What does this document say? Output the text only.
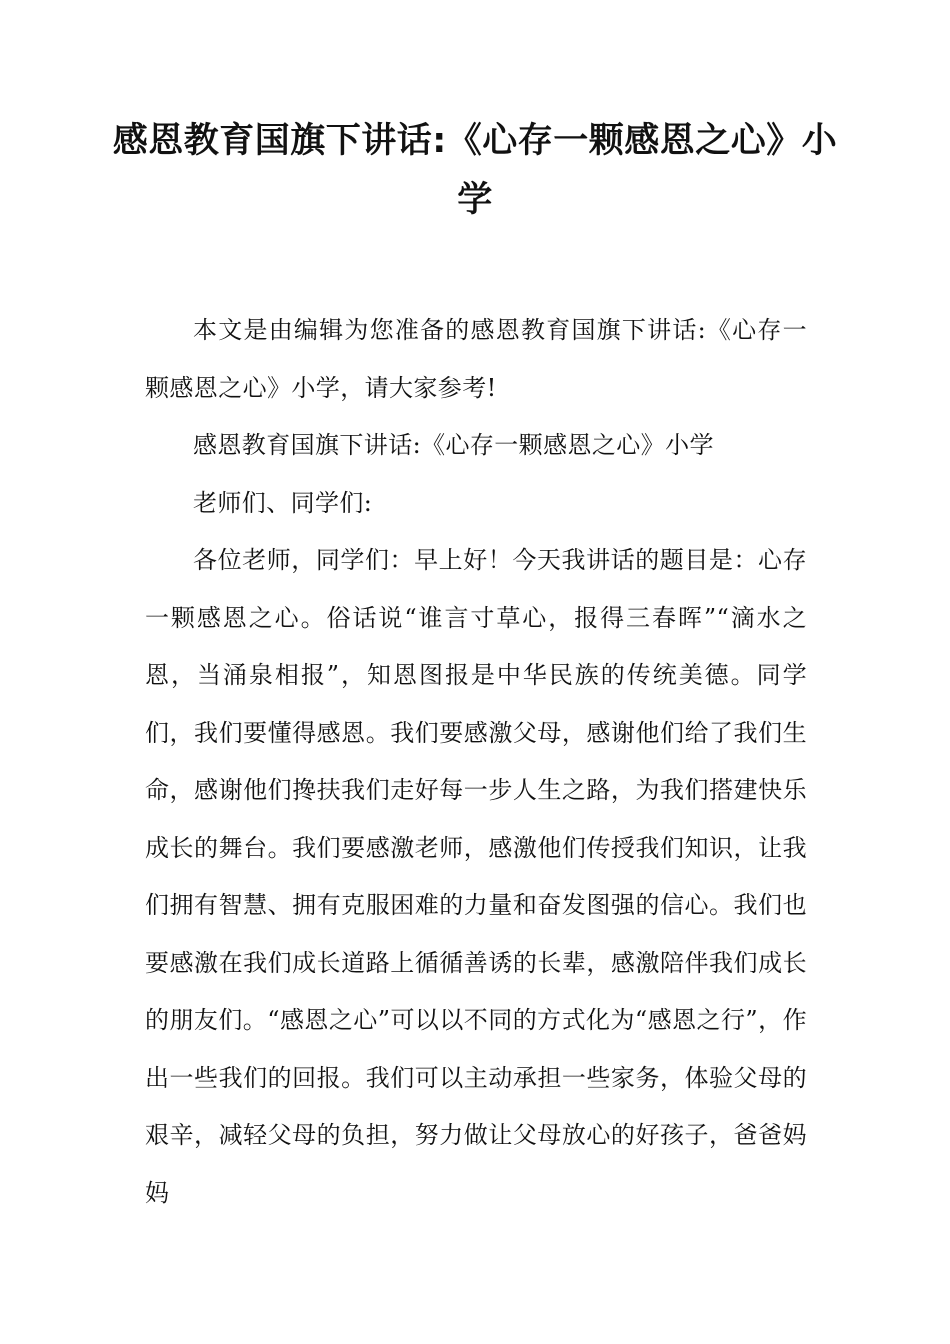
感恩教育国旗下讲话:《心存一颗感恩之心》小学

本文是由编辑为您准备的感恩教育国旗下讲话:《心存一颗感恩之心》小学，请大家参考!

感恩教育国旗下讲话:《心存一颗感恩之心》小学

老师们、同学们:

各位老师，同学们：早上好！今天我讲话的题目是：心存一颗感恩之心。俗话说“谁言寸草心，报得三春晖”“滴水之恩，当涌泉相报”，知恩图报是中华民族的传统美德。同学们，我们要懂得感恩。我们要感激父母，感谢他们给了我们生命，感谢他们搀扶我们走好每一步人生之路，为我们搭建快乐成长的舞台。我们要感激老师，感激他们传授我们知识，让我们拥有智慧、拥有克服困难的力量和奋发图强的信心。我们也要感激在我们成长道路上循循善诱的长辈，感激陪伴我们成长的朋友们。“感恩之心”可以以不同的方式化为“感恩之行”，作出一些我们的回报。我们可以主动承担一些家务，体验父母的艰辛，减轻父母的负担，努力做让父母放心的好孩子，爸爸妈妈
